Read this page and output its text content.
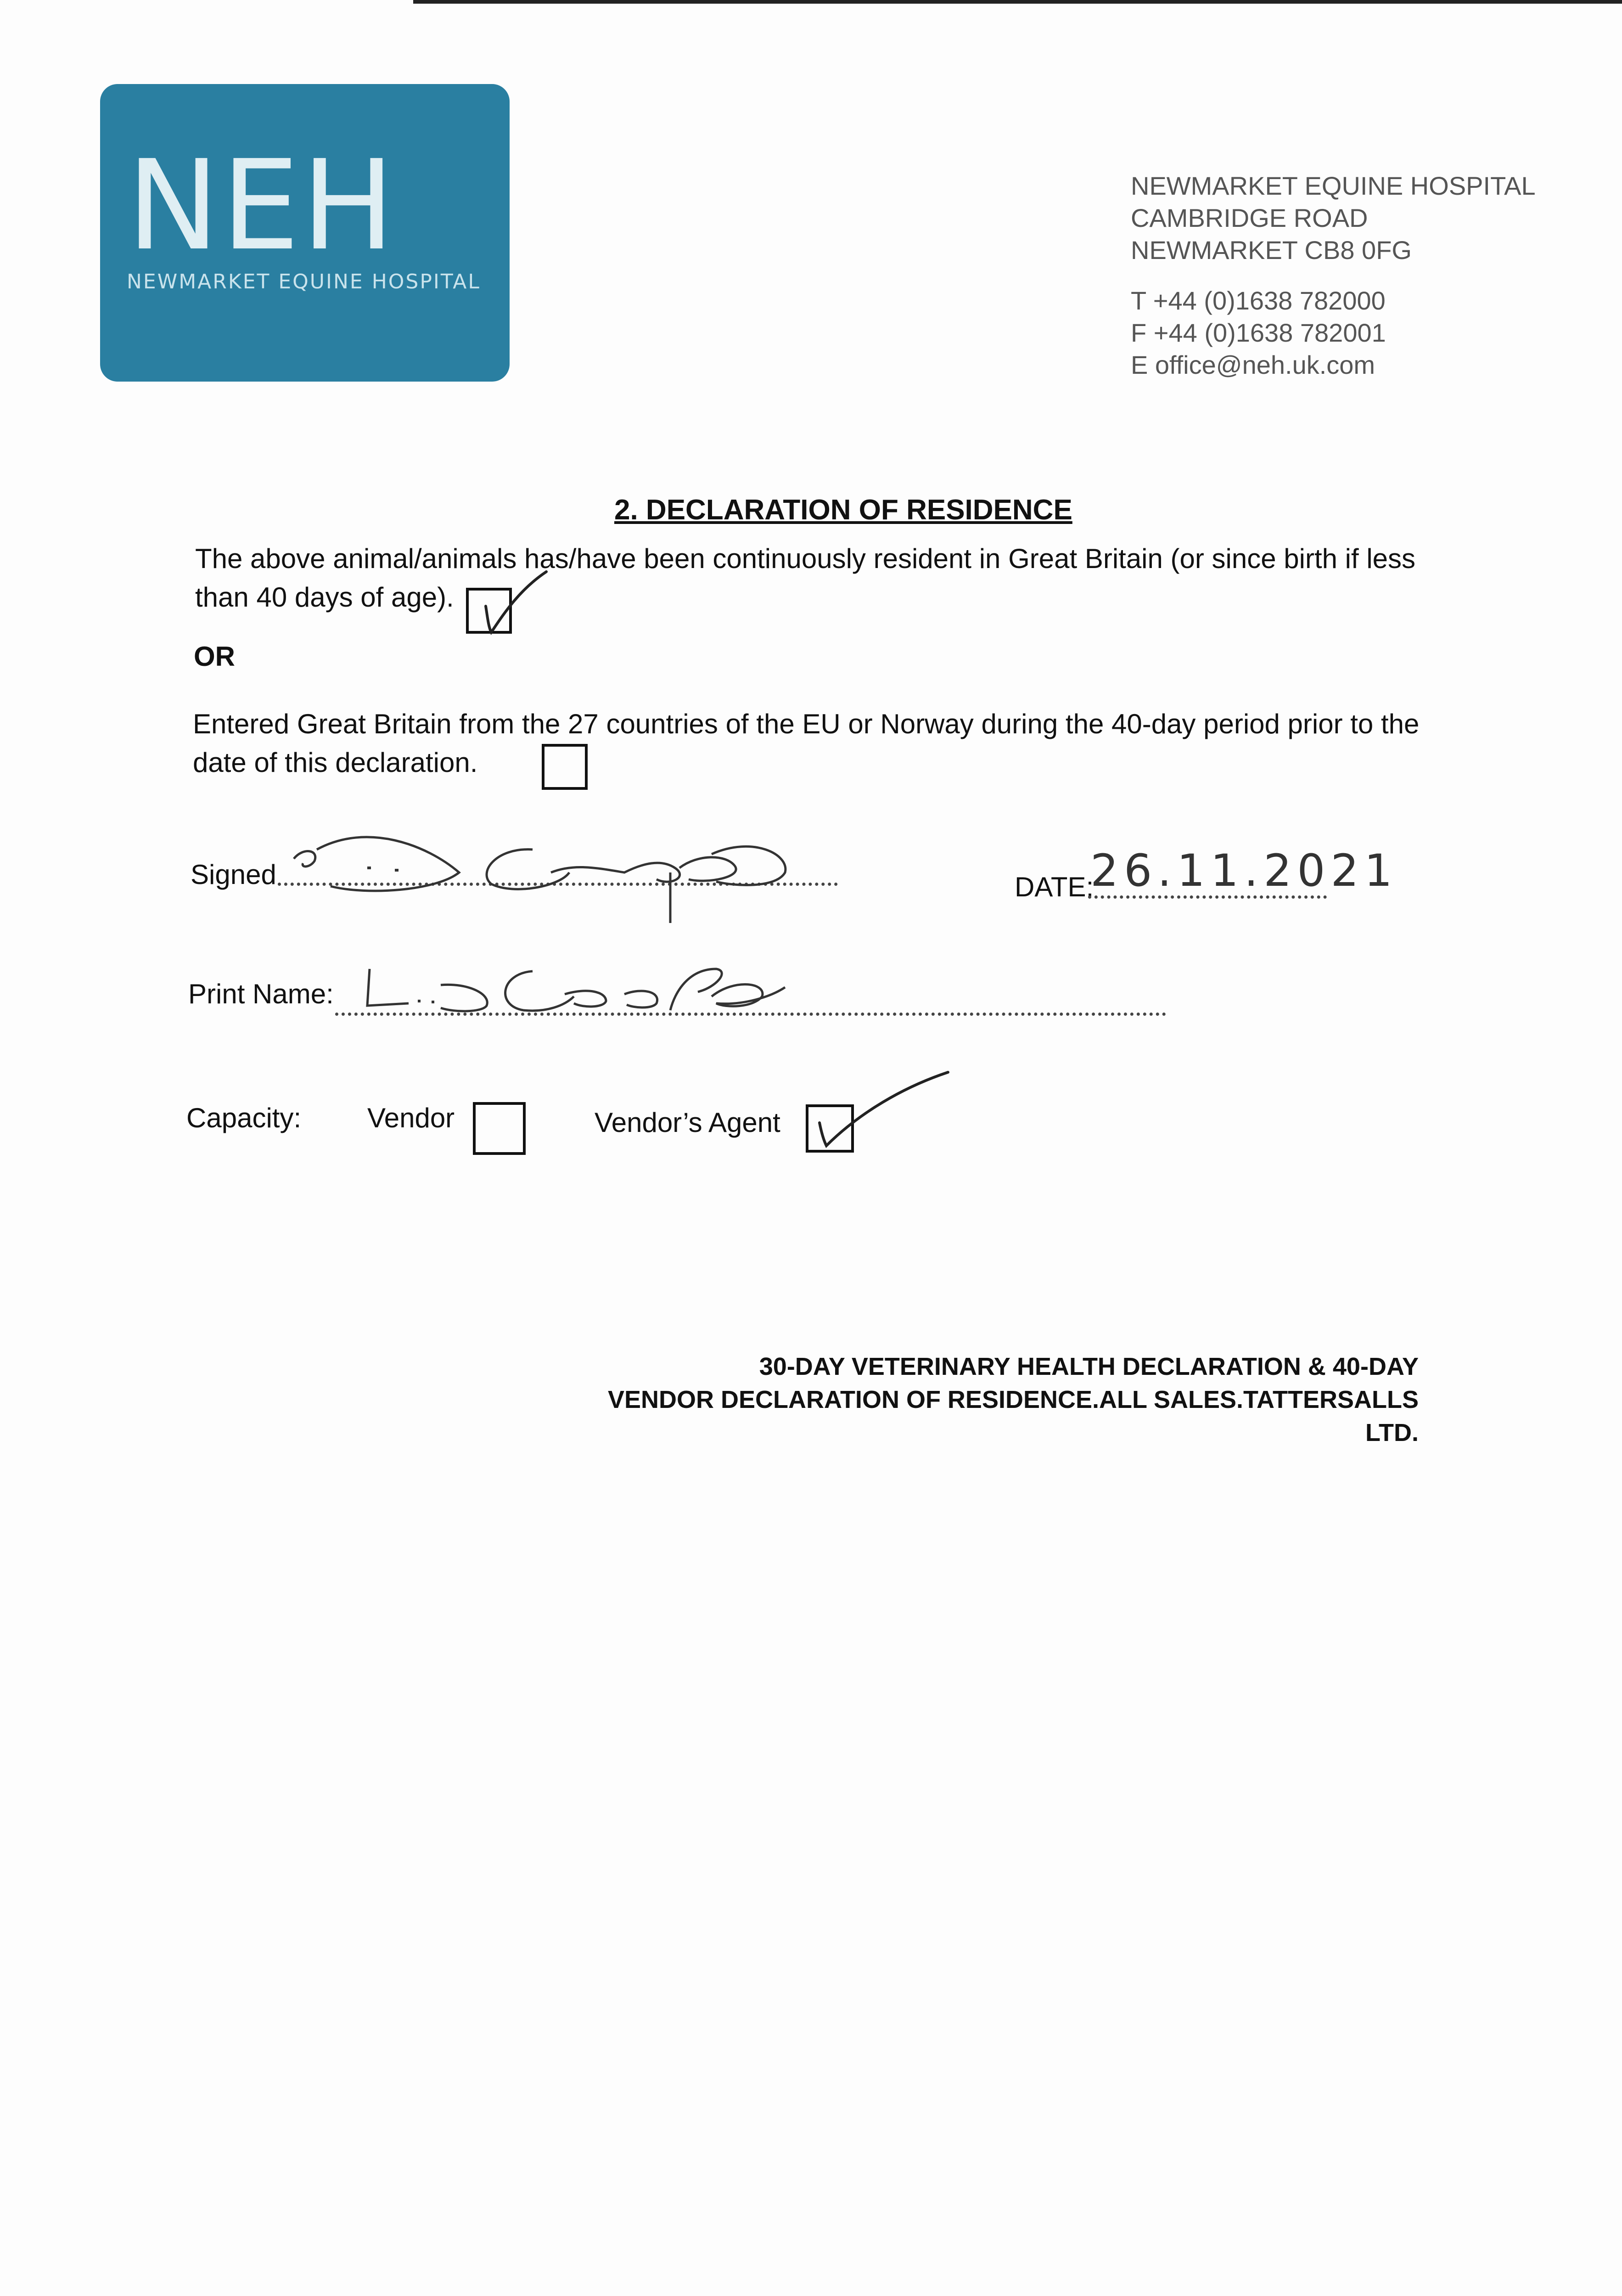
NEH
NEWMARKET EQUINE HOSPITAL
NEWMARKET EQUINE HOSPITAL
CAMBRIDGE ROAD
NEWMARKET CB8 0FG
T +44 (0)1638 782000
F +44 (0)1638 782001
E office@neh.uk.com
2. DECLARATION OF RESIDENCE
The above animal/animals has/have been continuously resident in Great Britain (or since birth if less than 40 days of age).
OR
Entered Great Britain from the 27 countries of the EU or Norway during the 40-day period prior to the date of this declaration.
Signed	DATE:
26.11.2021
Print Name:
Capacity: Vendor	Vendor’s Agent
30-DAY VETERINARY HEALTH DECLARATION & 40-DAY
VENDOR DECLARATION OF RESIDENCE.ALL SALES.TATTERSALLS LTD.
